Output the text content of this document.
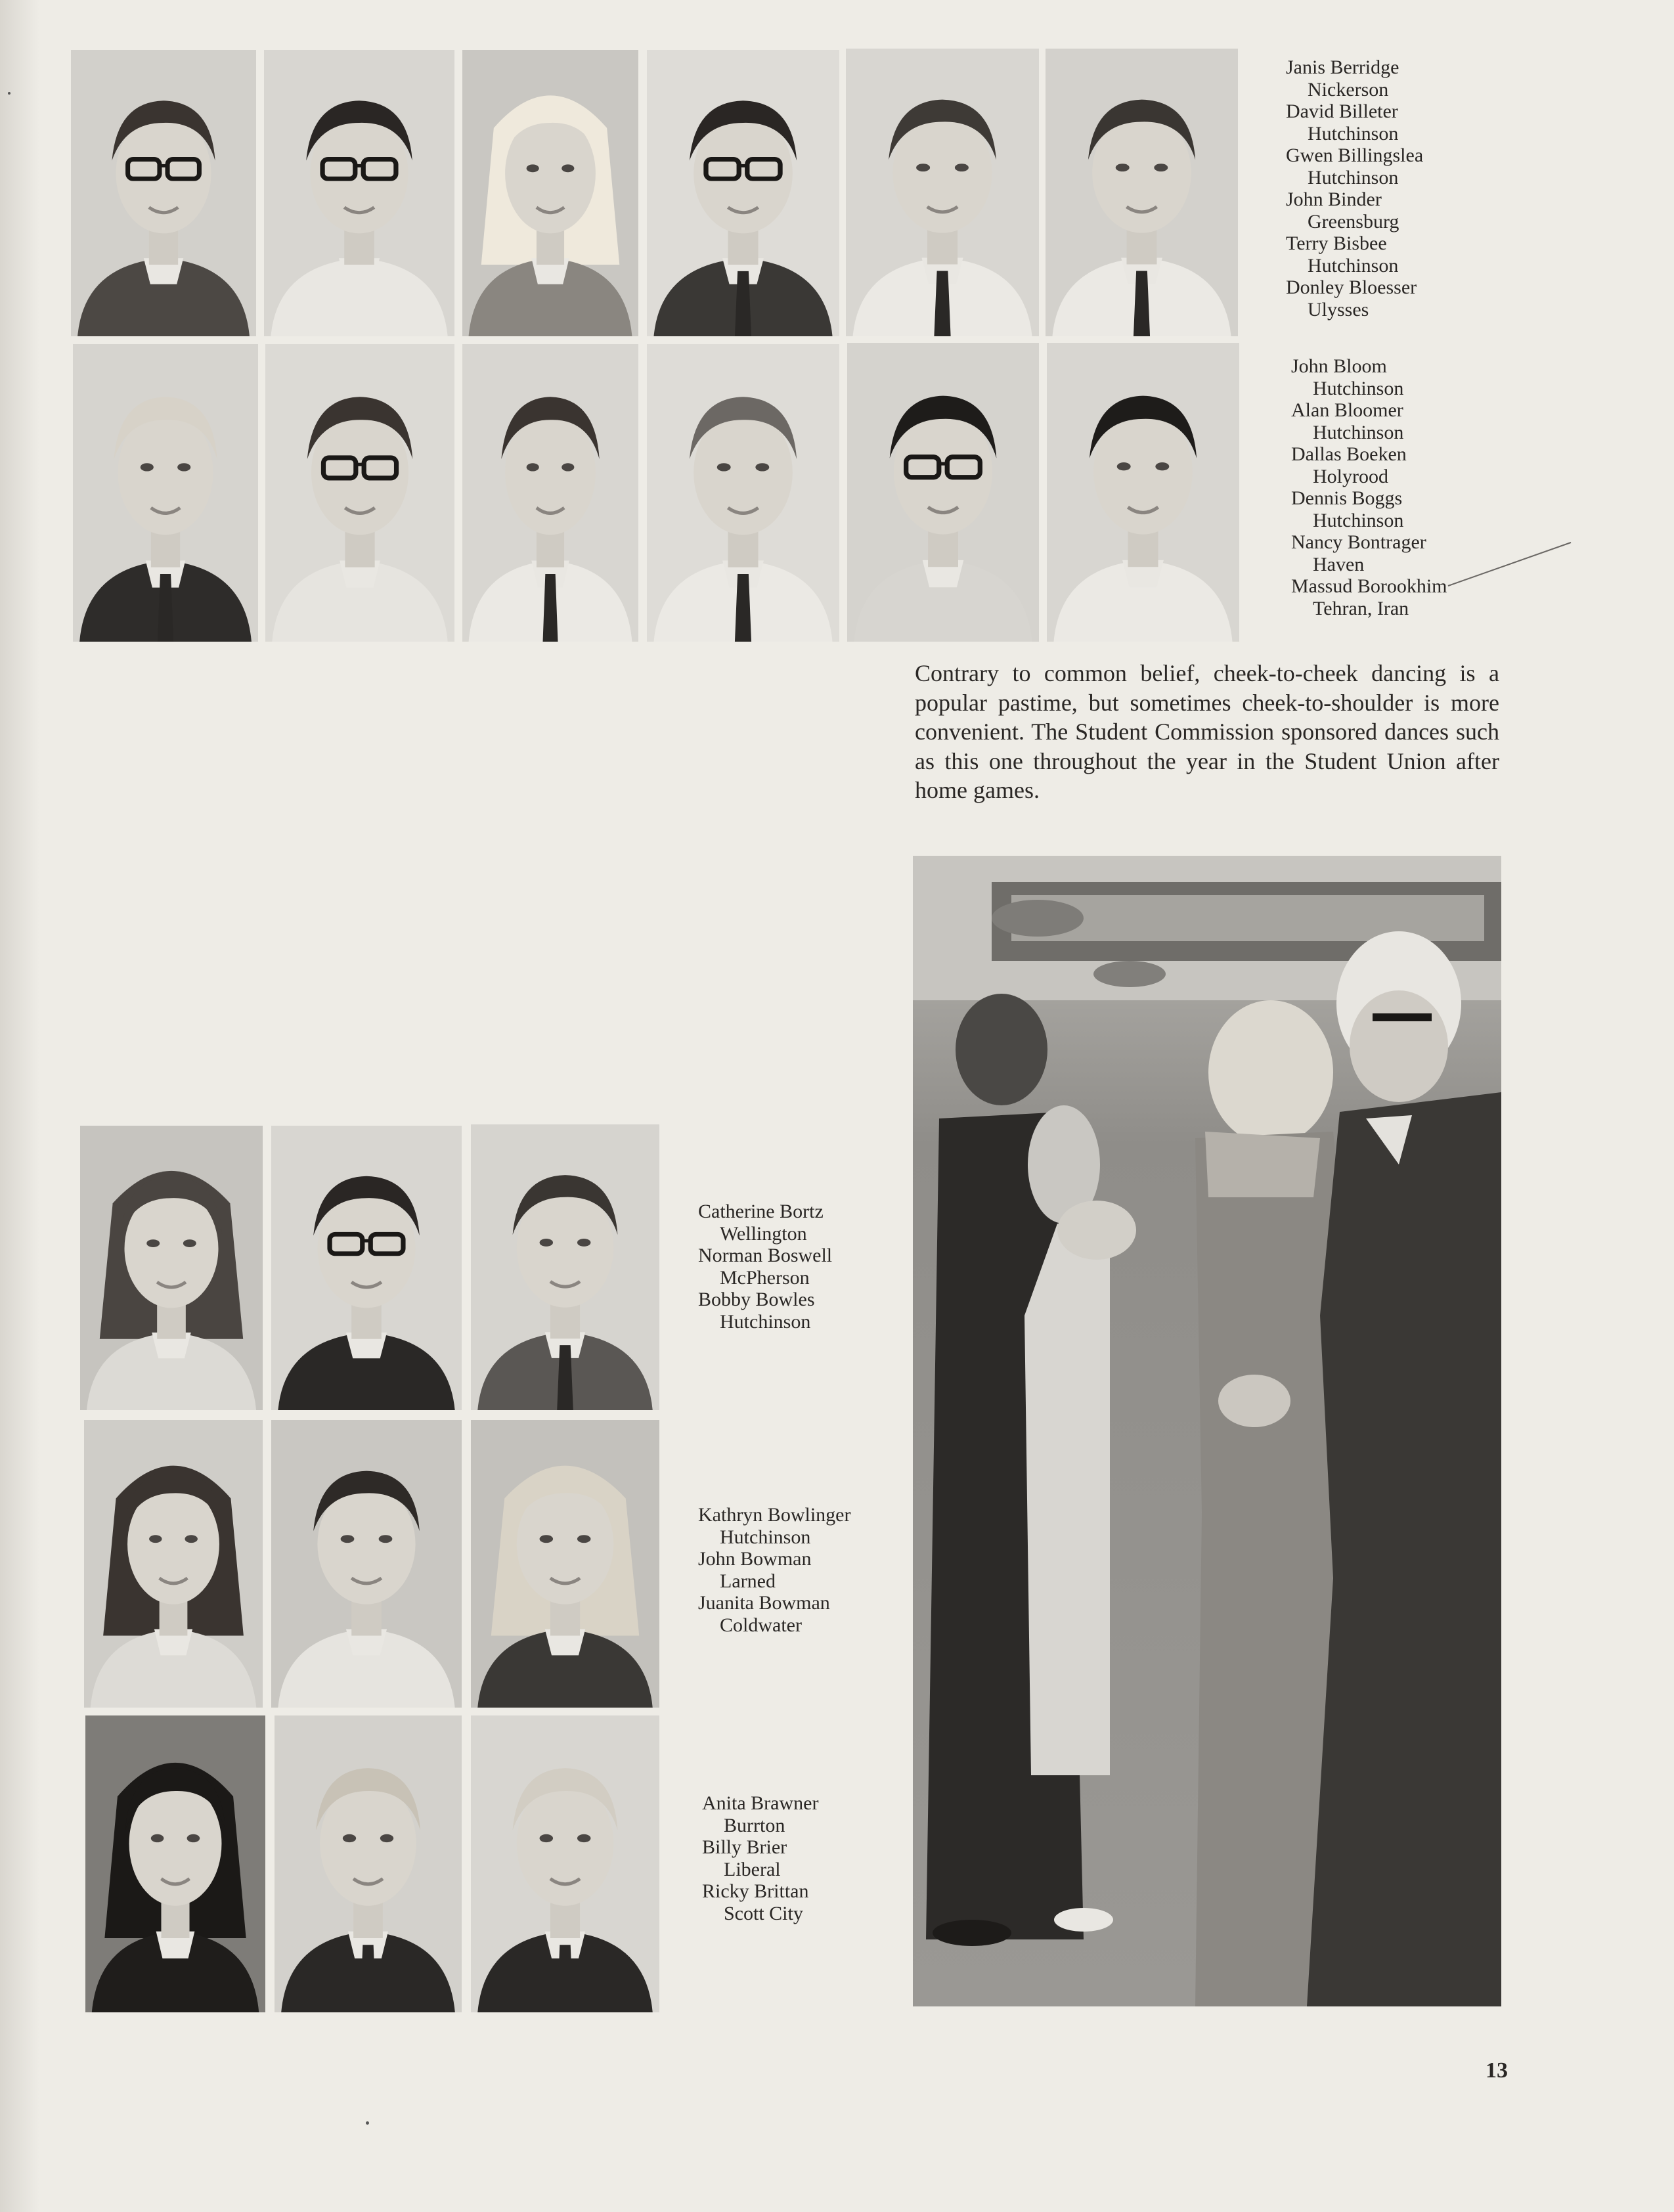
Janis Berridge
Nickerson
David Billeter
Hutchinson
Gwen Billingslea
Hutchinson
John Binder
Greensburg
Terry Bisbee
Hutchinson
Donley Bloesser
Ulysses
John Bloom
Hutchinson
Alan Bloomer
Hutchinson
Dallas Boeken
Holyrood
Dennis Boggs
Hutchinson
Nancy Bontrager
Haven
Massud Borookhim
Tehran, Iran
Contrary to common belief, cheek-to-cheek dancing is a popular pastime, but sometimes cheek-to-shoulder is more convenient. The Student Commission sponsored dances such as this one throughout the year in the Student Union after home games.
Catherine Bortz
Wellington
Norman Boswell
McPherson
Bobby Bowles
Hutchinson
Kathryn Bowlinger
Hutchinson
John Bowman
Larned
Juanita Bowman
Coldwater
Anita Brawner
Burrton
Billy Brier
Liberal
Ricky Brittan
Scott City
13
